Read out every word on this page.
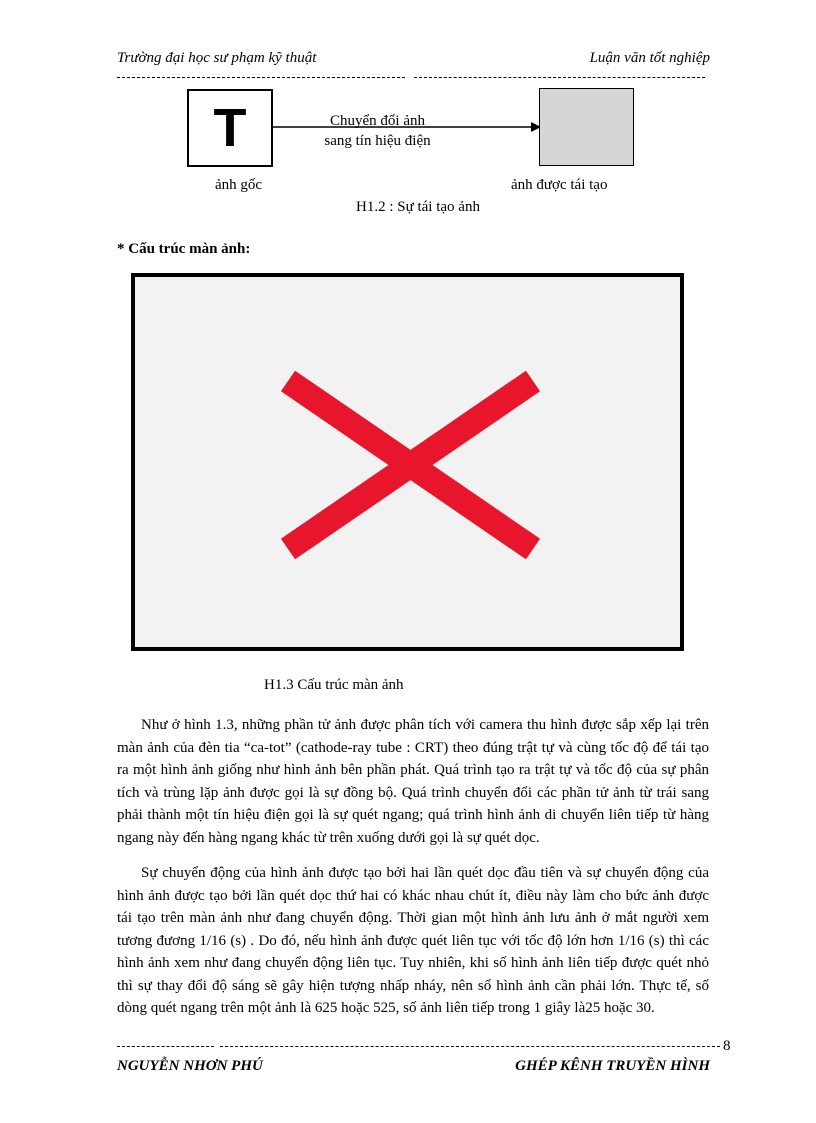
Trường đại học sư phạm kỹ thuật	Luận văn tốt nghiệp
T	Chuyển đổi ảnh
sang tín hiệu điện
ảnh gốc	ảnh được tái tạo
H1.2 : Sự tái tạo ảnh
* Cấu trúc màn ảnh:
H1.3 Cấu trúc màn ảnh

Như ở hình 1.3, những phần tử ảnh được phân tích với camera thu hình được sắp xếp lại trên màn ảnh của đèn tia “ca-tot” (cathode-ray tube : CRT) theo đúng trật tự và cùng tốc độ để tái tạo ra một hình ảnh giống như hình ảnh bên phần phát. Quá trình tạo ra trật tự và tốc độ của sự phân tích và trùng lặp ảnh được gọi là sự đồng bộ. Quá trình chuyển đổi các phần tử ảnh từ trái sang phải thành một tín hiệu điện gọi là sự quét ngang; quá trình hình ảnh di chuyển liên tiếp từ hàng ngang này đến hàng ngang khác từ trên xuống dưới gọi là sự quét dọc.

Sự chuyển động của hình ảnh được tạo bởi hai lần quét dọc đầu tiên và sự chuyển động của hình ảnh được tạo bởi lần quét dọc thứ hai có khác nhau chút ít, điều này làm cho bức ảnh được tái tạo trên màn ảnh như đang chuyển động. Thời gian một hình ảnh lưu ảnh ở mắt người xem tương đương 1/16 (s) . Do đó, nếu hình ảnh được quét liên tục với tốc độ lớn hơn 1/16 (s) thì các hình ảnh xem như đang chuyển động liên tục. Tuy nhiên, khi số hình ảnh liên tiếp được quét nhỏ thì sự thay đổi độ sáng sẽ gây hiện tượng nhấp nháy, nên số hình ảnh cần phải lớn. Thực tế, số dòng quét ngang trên một ảnh là 625 hoặc 525, số ảnh liên tiếp trong 1 giây là25 hoặc 30.

8
NGUYỄN NHƠN PHÚ	GHÉP KÊNH TRUYỀN HÌNH
